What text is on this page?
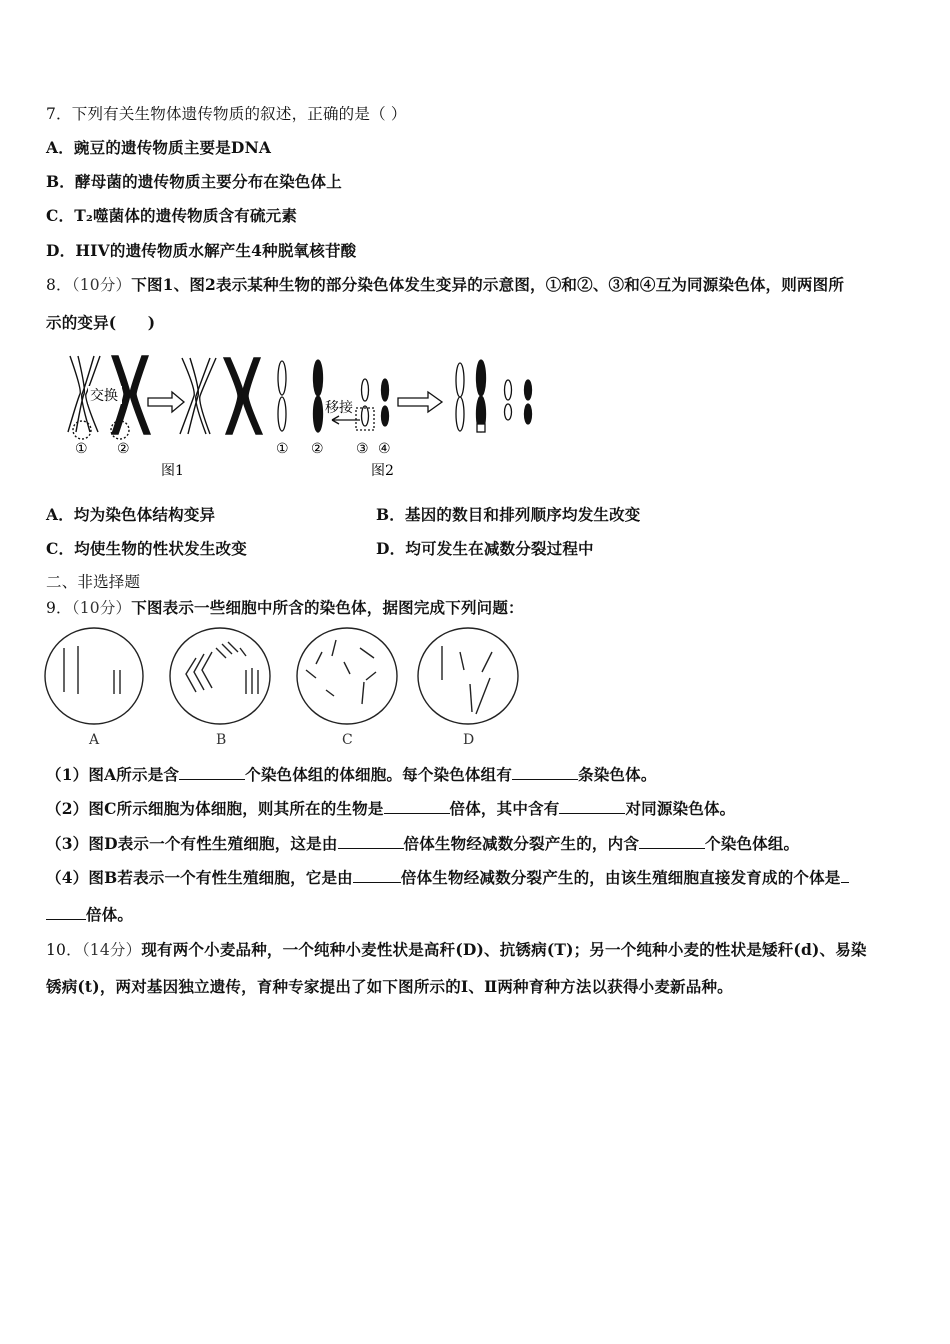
7．下列有关生物体遗传物质的叙述，正确的是（ ）
A．豌豆的遗传物质主要是DNA
B．酵母菌的遗传物质主要分布在染色体上
C．T₂噬菌体的遗传物质含有硫元素
D．HIV的遗传物质水解产生4种脱氧核苷酸
8．（10分）下图1、图2表示某种生物的部分染色体发生变异的示意图，①和②、③和④互为同源染色体，则两图所
示的变异(　　)
交换
① ②
图1
移接
① ② ③ ④
图2
A．均为染色体结构变异	B．基因的数目和排列顺序均发生改变
C．均使生物的性状发生改变	D．均可发生在减数分裂过程中
二、非选择题
9．（10分）下图表示一些细胞中所含的染色体，据图完成下列问题：
A	B	C	D
（1）图A所示是含	个染色体组的体细胞。每个染色体组有	条染色体。
（2）图C所示细胞为体细胞，则其所在的生物是	倍体，其中含有	对同源染色体。
（3）图D表示一个有性生殖细胞，这是由	倍体生物经减数分裂产生的，内含	个染色体组。
（4）图B若表示一个有性生殖细胞，它是由	倍体生物经减数分裂产生的，由该生殖细胞直接发育成的个体是
倍体。
10．（14分）现有两个小麦品种，一个纯种小麦性状是高秆(D)、抗锈病(T)；另一个纯种小麦的性状是矮秆(d)、易染
锈病(t)，两对基因独立遗传，育种专家提出了如下图所示的Ⅰ、Ⅱ两种育种方法以获得小麦新品种。
